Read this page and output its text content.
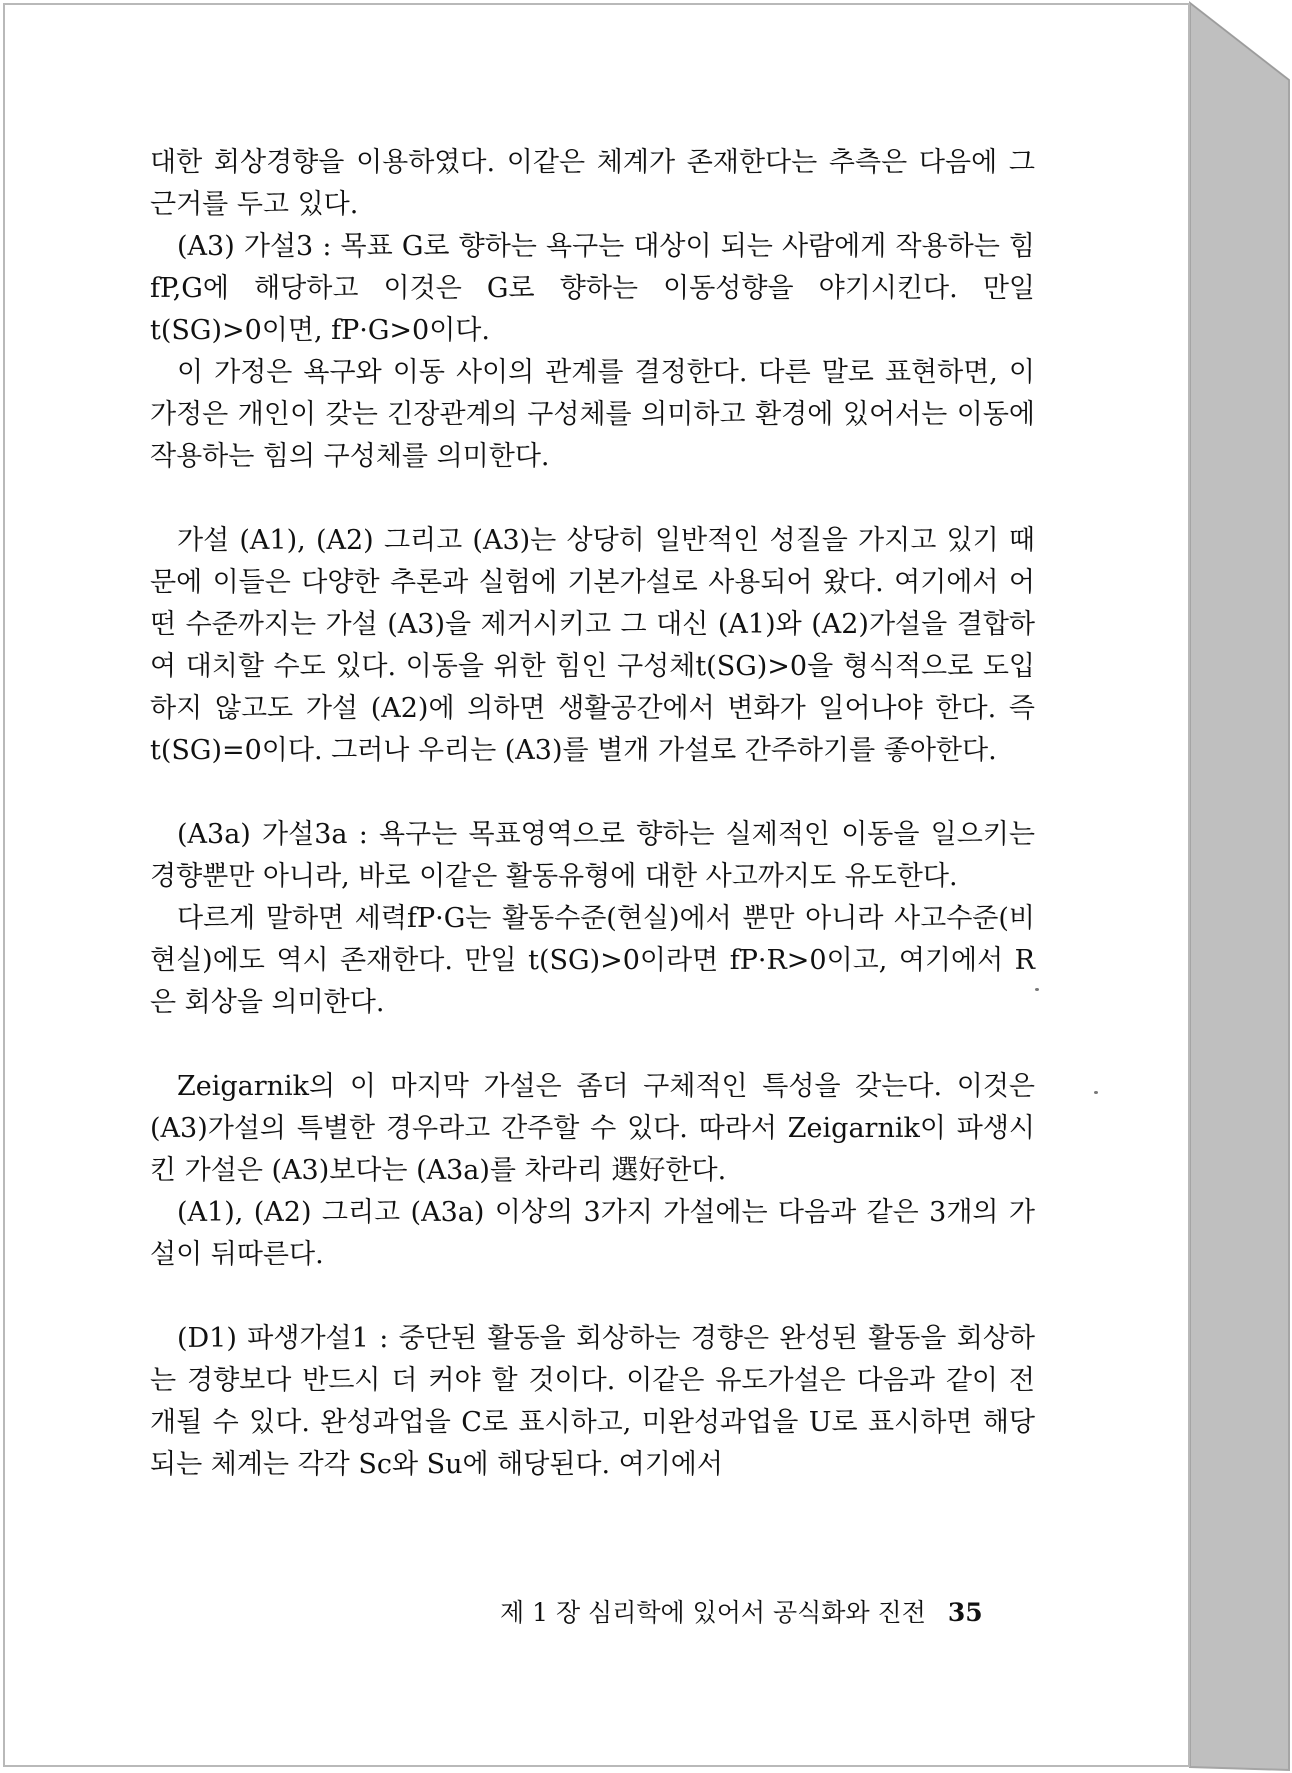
대한 회상경향을 이용하였다. 이같은 체계가 존재한다는 추측은 다음에 그 근거를 두고 있다.

(A3) 가설3 : 목표 G로 향하는 욕구는 대상이 되는 사람에게 작용하는 힘 fP,G에 해당하고 이것은 G로 향하는 이동성향을 야기시킨다. 만일 t(SG)>0이면, fP·G>0이다.

이 가정은 욕구와 이동 사이의 관계를 결정한다. 다른 말로 표현하면, 이 가정은 개인이 갖는 긴장관계의 구성체를 의미하고 환경에 있어서는 이동에 작용하는 힘의 구성체를 의미한다.

가설 (A1), (A2) 그리고 (A3)는 상당히 일반적인 성질을 가지고 있기 때문에 이들은 다양한 추론과 실험에 기본가설로 사용되어 왔다. 여기에서 어떤 수준까지는 가설 (A3)을 제거시키고 그 대신 (A1)와 (A2)가설을 결합하여 대치할 수도 있다. 이동을 위한 힘인 구성체t(SG)>0을 형식적으로 도입하지 않고도 가설 (A2)에 의하면 생활공간에서 변화가 일어나야 한다. 즉 t(SG)=0이다. 그러나 우리는 (A3)를 별개 가설로 간주하기를 좋아한다.

(A3a) 가설3a : 욕구는 목표영역으로 향하는 실제적인 이동을 일으키는 경향뿐만 아니라, 바로 이같은 활동유형에 대한 사고까지도 유도한다.

다르게 말하면 세력fP·G는 활동수준(현실)에서 뿐만 아니라 사고수준(비현실)에도 역시 존재한다. 만일 t(SG)>0이라면 fP·R>0이고, 여기에서 R은 회상을 의미한다.

Zeigarnik의 이 마지막 가설은 좀더 구체적인 특성을 갖는다. 이것은 (A3)가설의 특별한 경우라고 간주할 수 있다. 따라서 Zeigarnik이 파생시킨 가설은 (A3)보다는 (A3a)를 차라리 選好한다.

(A1), (A2) 그리고 (A3a) 이상의 3가지 가설에는 다음과 같은 3개의 가설이 뒤따른다.

(D1) 파생가설1 : 중단된 활동을 회상하는 경향은 완성된 활동을 회상하는 경향보다 반드시 더 커야 할 것이다. 이같은 유도가설은 다음과 같이 전개될 수 있다. 완성과업을 C로 표시하고, 미완성과업을 U로 표시하면 해당되는 체계는 각각 Sc와 Su에 해당된다. 여기에서

제 1 장 심리학에 있어서 공식화와 진전 35
